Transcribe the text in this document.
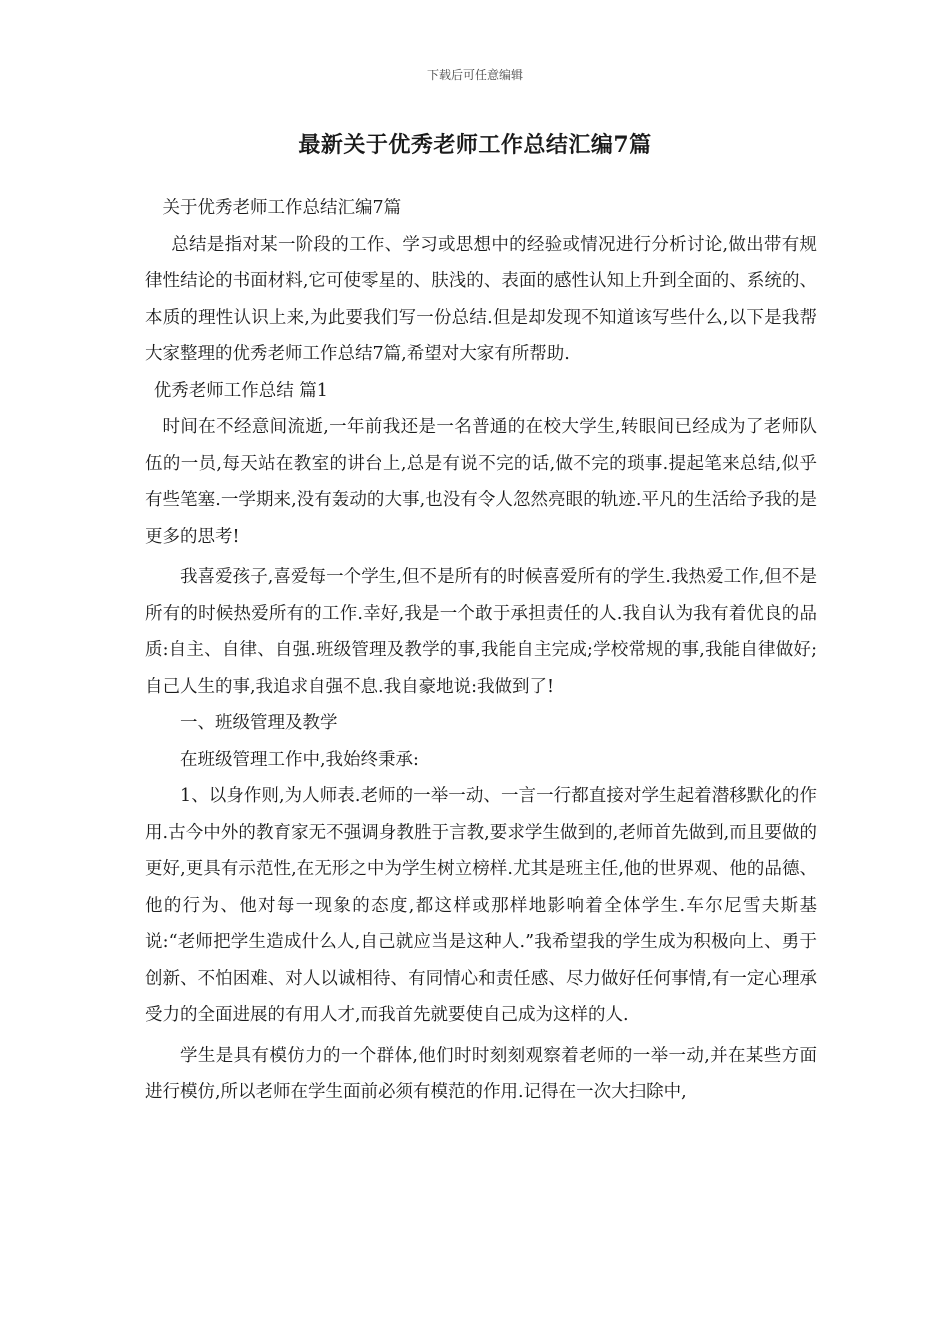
下载后可任意编辑
最新关于优秀老师工作总结汇编7篇

关于优秀老师工作总结汇编7篇

总结是指对某一阶段的工作、学习或思想中的经验或情况进行分析讨论,做出带有规律性结论的书面材料,它可使零星的、肤浅的、表面的感性认知上升到全面的、系统的、本质的理性认识上来,为此要我们写一份总结.但是却发现不知道该写些什么,以下是我帮大家整理的优秀老师工作总结7篇,希望对大家有所帮助.

优秀老师工作总结 篇1

时间在不经意间流逝,一年前我还是一名普通的在校大学生,转眼间已经成为了老师队伍的一员,每天站在教室的讲台上,总是有说不完的话,做不完的琐事.提起笔来总结,似乎有些笔塞.一学期来,没有轰动的大事,也没有令人忽然亮眼的轨迹.平凡的生活给予我的是更多的思考!

我喜爱孩子,喜爱每一个学生,但不是所有的时候喜爱所有的学生.我热爱工作,但不是所有的时候热爱所有的工作.幸好,我是一个敢于承担责任的人.我自认为我有着优良的品质:自主、自律、自强.班级管理及教学的事,我能自主完成;学校常规的事,我能自律做好;自己人生的事,我追求自强不息.我自豪地说:我做到了!

一、班级管理及教学

在班级管理工作中,我始终秉承:

1、以身作则,为人师表.老师的一举一动、一言一行都直接对学生起着潜移默化的作用.古今中外的教育家无不强调身教胜于言教,要求学生做到的,老师首先做到,而且要做的更好,更具有示范性,在无形之中为学生树立榜样.尤其是班主任,他的世界观、他的品德、他的行为、他对每一现象的态度,都这样或那样地影响着全体学生.车尔尼雪夫斯基说:“老师把学生造成什么人,自己就应当是这种人.”我希望我的学生成为积极向上、勇于创新、不怕困难、对人以诚相待、有同情心和责任感、尽力做好任何事情,有一定心理承受力的全面进展的有用人才,而我首先就要使自己成为这样的人.

学生是具有模仿力的一个群体,他们时时刻刻观察着老师的一举一动,并在某些方面进行模仿,所以老师在学生面前必须有模范的作用.记得在一次大扫除中,
